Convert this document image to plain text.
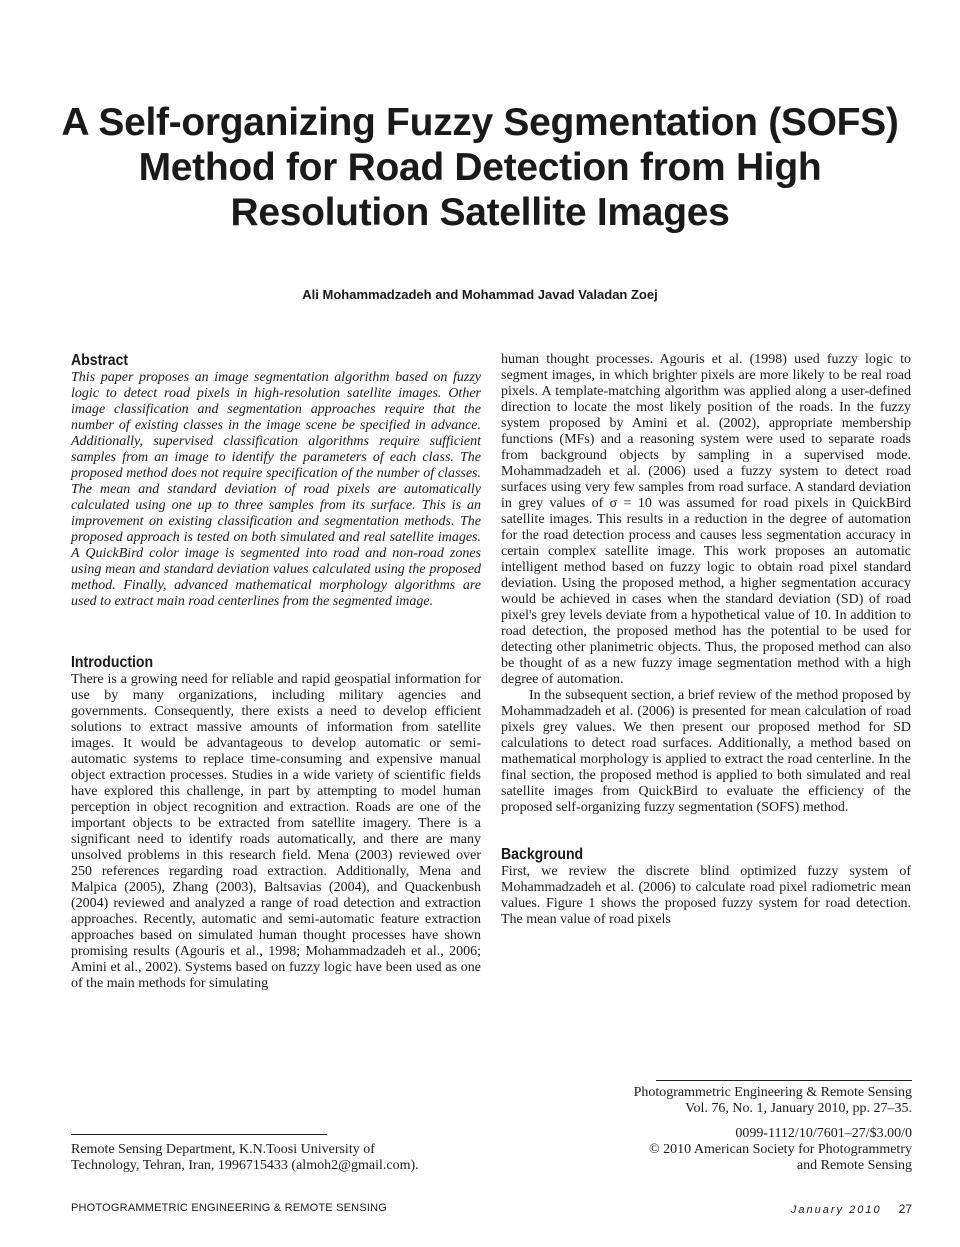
A Self-organizing Fuzzy Segmentation (SOFS)
Method for Road Detection from High
Resolution Satellite Images
Ali Mohammadzadeh and Mohammad Javad Valadan Zoej
Abstract

This paper proposes an image segmentation algorithm based on fuzzy logic to detect road pixels in high-resolution satellite images. Other image classification and segmentation approaches require that the number of existing classes in the image scene be specified in advance. Additionally, supervised classification algorithms require sufficient samples from an image to identify the parameters of each class. The proposed method does not require specification of the number of classes. The mean and standard deviation of road pixels are automatically calculated using one up to three samples from its surface. This is an improvement on existing classification and segmentation methods. The proposed approach is tested on both simulated and real satellite images. A QuickBird color image is segmented into road and non-road zones using mean and standard deviation values calculated using the proposed method. Finally, advanced mathematical morphology algorithms are used to extract main road centerlines from the segmented image.

Introduction

There is a growing need for reliable and rapid geospatial information for use by many organizations, including military agencies and governments. Consequently, there exists a need to develop efficient solutions to extract massive amounts of information from satellite images. It would be advantageous to develop automatic or semi-automatic systems to replace time-consuming and expensive manual object extraction processes. Studies in a wide variety of scientific fields have explored this challenge, in part by attempting to model human perception in object recognition and extraction. Roads are one of the important objects to be extracted from satellite imagery. There is a significant need to identify roads automatically, and there are many unsolved problems in this research field. Mena (2003) reviewed over 250 references regarding road extraction. Additionally, Mena and Malpica (2005), Zhang (2003), Baltsavias (2004), and Quackenbush (2004) reviewed and analyzed a range of road detection and extraction approaches. Recently, automatic and semi-automatic feature extraction approaches based on simulated human thought processes have shown promising results (Agouris et al., 1998; Mohammadzadeh et al., 2006; Amini et al., 2002). Systems based on fuzzy logic have been used as one of the main methods for simulating

human thought processes. Agouris et al. (1998) used fuzzy logic to segment images, in which brighter pixels are more likely to be real road pixels. A template-matching algorithm was applied along a user-defined direction to locate the most likely position of the roads. In the fuzzy system proposed by Amini et al. (2002), appropriate membership functions (MFs) and a reasoning system were used to separate roads from background objects by sampling in a supervised mode. Mohammadzadeh et al. (2006) used a fuzzy system to detect road surfaces using very few samples from road surface. A standard deviation in grey values of σ = 10 was assumed for road pixels in QuickBird satellite images. This results in a reduction in the degree of automation for the road detection process and causes less segmentation accuracy in certain complex satellite image. This work proposes an automatic intelligent method based on fuzzy logic to obtain road pixel standard deviation. Using the proposed method, a higher segmentation accuracy would be achieved in cases when the standard deviation (SD) of road pixel's grey levels deviate from a hypothetical value of 10. In addition to road detection, the proposed method has the potential to be used for detecting other planimetric objects. Thus, the proposed method can also be thought of as a new fuzzy image segmentation method with a high degree of automation.

In the subsequent section, a brief review of the method proposed by Mohammadzadeh et al. (2006) is presented for mean calculation of road pixels grey values. We then present our proposed method for SD calculations to detect road surfaces. Additionally, a method based on mathematical morphology is applied to extract the road centerline. In the final section, the proposed method is applied to both simulated and real satellite images from QuickBird to evaluate the efficiency of the proposed self-organizing fuzzy segmentation (SOFS) method.

Background

First, we review the discrete blind optimized fuzzy system of Mohammadzadeh et al. (2006) to calculate road pixel radiometric mean values. Figure 1 shows the proposed fuzzy system for road detection. The mean value of road pixels

Photogrammetric Engineering & Remote Sensing
Vol. 76, No. 1, January 2010, pp. 27–35.
0099-1112/10/7601–27/$3.00/0
© 2010 American Society for Photogrammetry
and Remote Sensing
Remote Sensing Department, K.N.Toosi University of
Technology, Tehran, Iran, 1996715433 (almoh2@gmail.com).
PHOTOGRAMMETRIC ENGINEERING & REMOTE SENSING	January 2010 27
